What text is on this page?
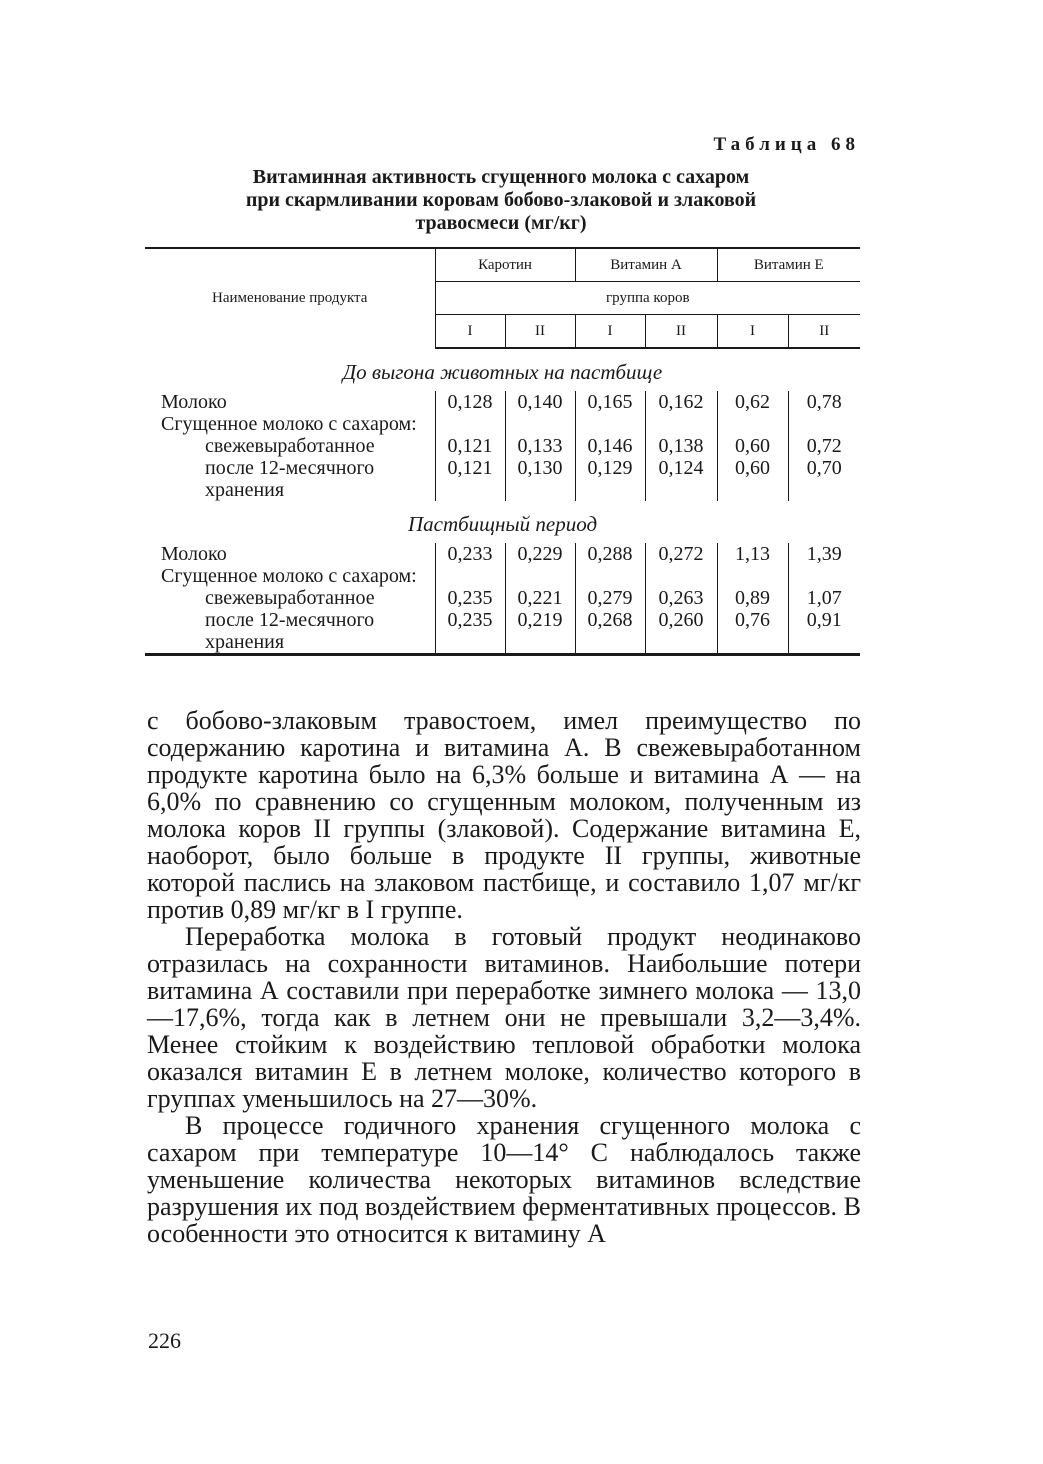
Таблица 68
Витаминная активность сгущенного молока с сахаром
при скармливании коровам бобово-злаковой и злаковой
травосмеси (мг/кг)
Наименование продукта	Каротин		Витамин А		Витамин Е	
	группа коров					
	I	II	I	II	I	II
До выгона животных на пастбище						
Молоко	0,128	0,140	0,165	0,162	0,62	0,78
Сгущенное молоко с сахаром:						
свежевыработанное	0,121	0,133	0,146	0,138	0,60	0,72
после 12-месячного хранения	0,121	0,130	0,129	0,124	0,60	0,70
Пастбищный период						
Молоко	0,233	0,229	0,288	0,272	1,13	1,39
Сгущенное молоко с сахаром:						
свежевыработанное	0,235	0,221	0,279	0,263	0,89	1,07
после 12-месячного хранения	0,235	0,219	0,268	0,260	0,76	0,91

с бобово-злаковым травостоем, имел преимущество по содержанию каротина и витамина А. В свежевыработанном продукте каротина было на 6,3% больше и витамина А — на 6,0% по сравнению со сгущенным молоком, полученным из молока коров II группы (злаковой). Содержание витамина Е, наоборот, было больше в продукте II группы, животные которой паслись на злаковом пастбище, и составило 1,07 мг/кг против 0,89 мг/кг в I группе.

Переработка молока в готовый продукт неодинаково отразилась на сохранности витаминов. Наибольшие потери витамина А составили при переработке зимнего молока — 13,0—17,6%, тогда как в летнем они не превышали 3,2—3,4%. Менее стойким к воздействию тепловой обработки молока оказался витамин Е в летнем молоке, количество которого в группах уменьшилось на 27—30%.

В процессе годичного хранения сгущенного молока с сахаром при температуре 10—14° С наблюдалось также уменьшение количества некоторых витаминов вследствие разрушения их под воздействием ферментативных процессов. В особенности это относится к витамину А

226
